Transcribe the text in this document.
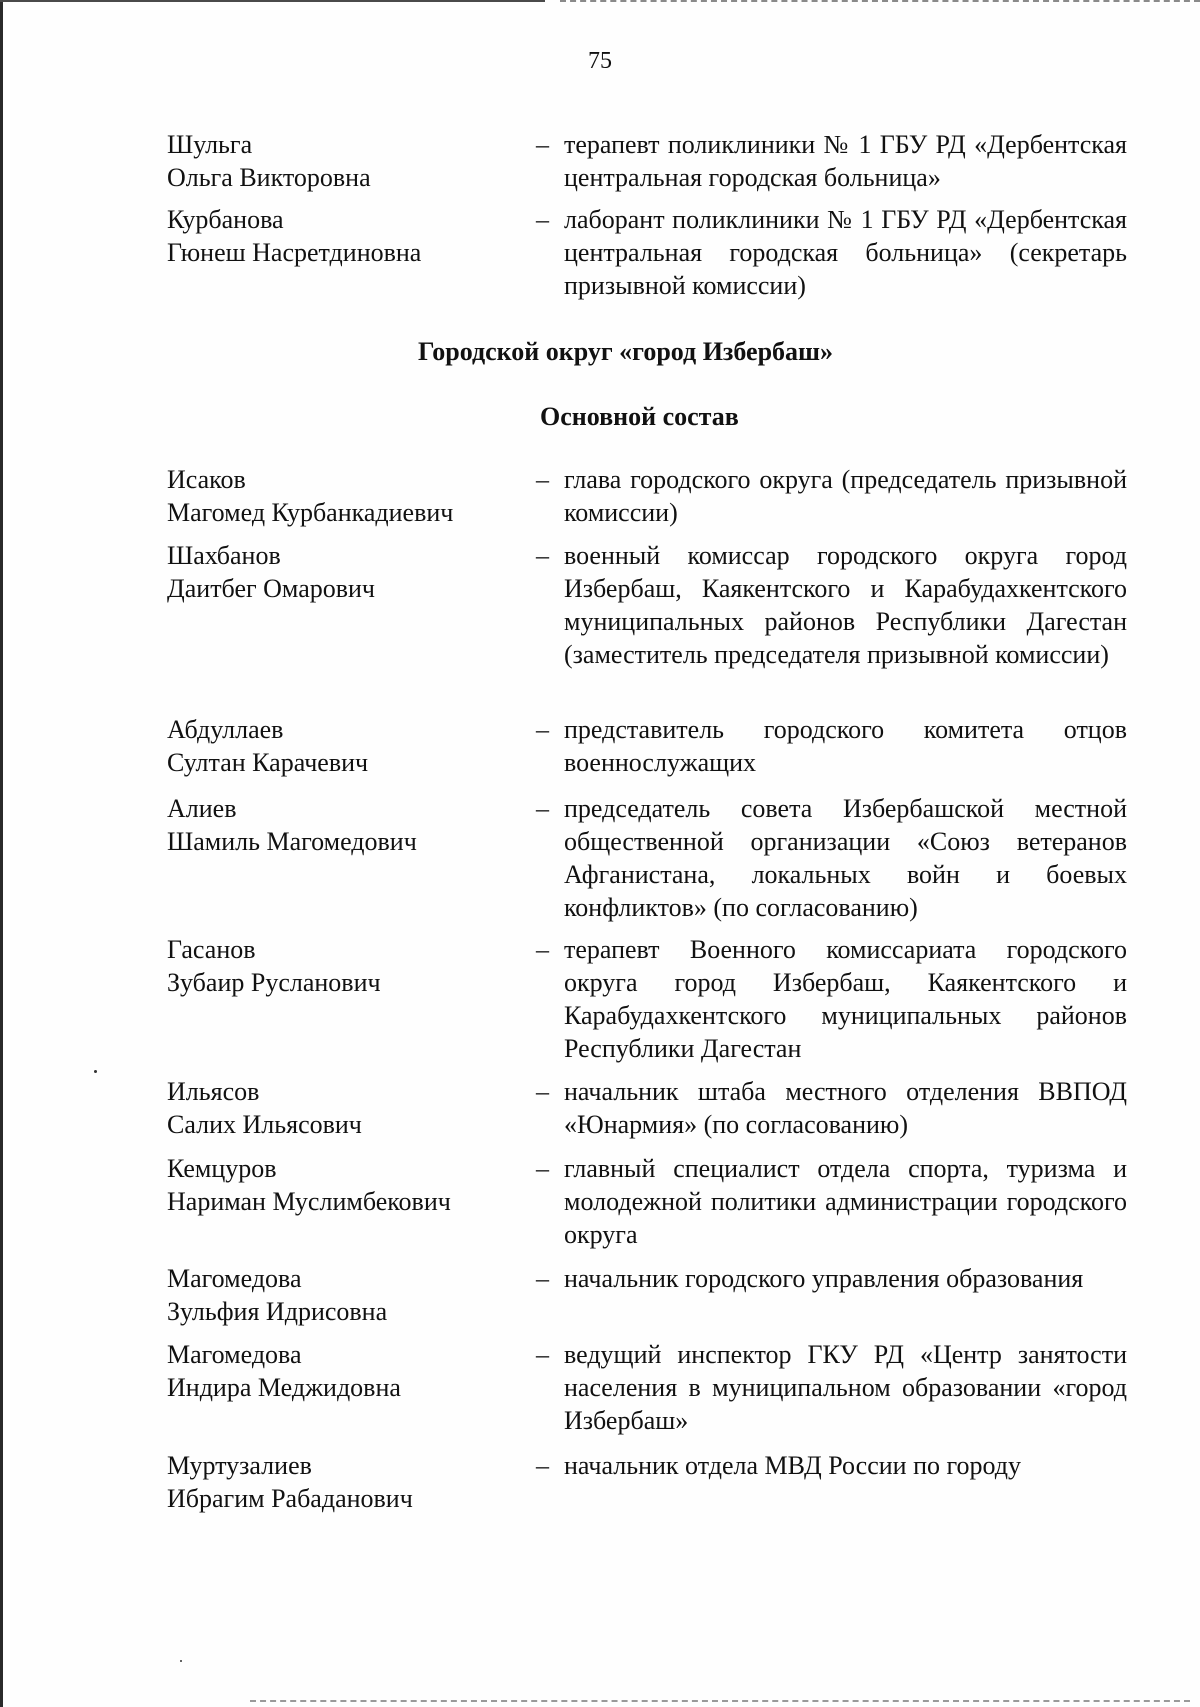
75
Шульга
Ольга Викторовна
– терапевт поликлиники № 1 ГБУ РД «Дербентская центральная городская больница»
Курбанова
Гюнеш Насретдиновна
– лаборант поликлиники № 1 ГБУ РД «Дербентская центральная городская больница» (секретарь призывной комиссии)
Городской округ «город Избербаш»
Основной состав
Исаков
Магомед Курбанкадиевич
– глава городского округа (председатель призывной комиссии)
Шахбанов
Даитбег Омарович
– военный комиссар городского округа город Избербаш, Каякентского и Карабудахкентского муниципальных районов Республики Дагестан (заместитель председателя призывной комиссии)
Абдуллаев
Султан Карачевич
– представитель городского комитета отцов военнослужащих
Алиев
Шамиль Магомедович
– председатель совета Избербашской местной общественной организации «Союз ветеранов Афганистана, локальных войн и боевых конфликтов» (по согласованию)
Гасанов
Зубаир Русланович
– терапевт Военного комиссариата городского округа город Избербаш, Каякентского и Карабудахкентского муниципальных районов Республики Дагестан
Ильясов
Салих Ильясович
– начальник штаба местного отделения ВВПОД «Юнармия» (по согласованию)
Кемцуров
Нариман Муслимбекович
– главный специалист отдела спорта, туризма и молодежной политики администрации городского округа
Магомедова
Зульфия Идрисовна
– начальник городского управления образования
Магомедова
Индира Меджидовна
– ведущий инспектор ГКУ РД «Центр занятости населения в муниципальном образовании «город Избербаш»
Муртузалиев
Ибрагим Рабаданович
– начальник отдела МВД России по городу
